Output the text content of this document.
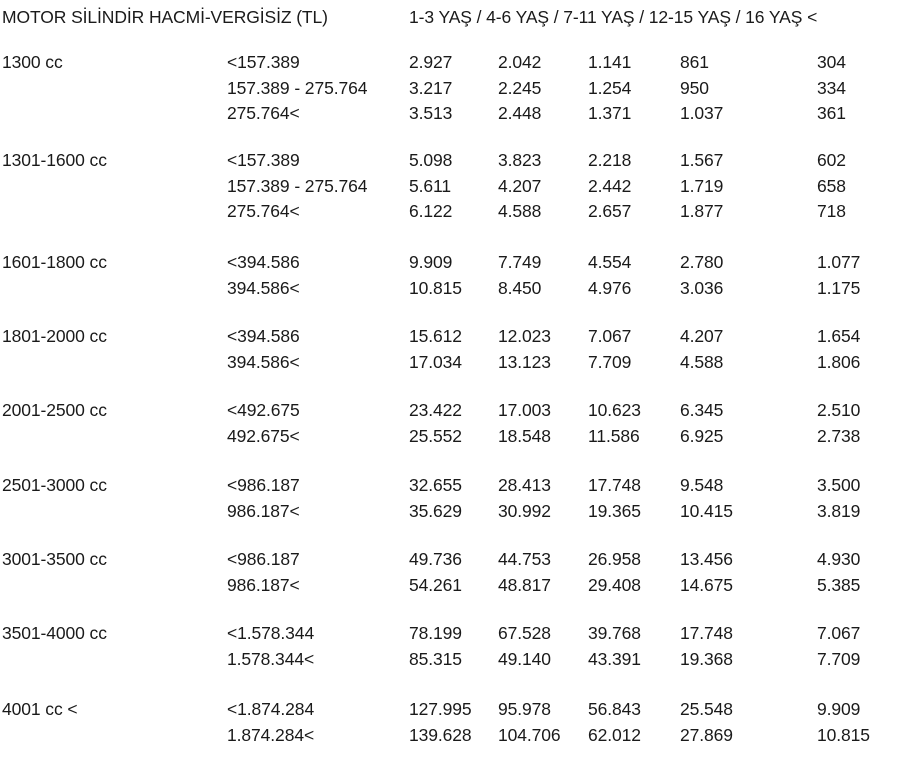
MOTOR SİLİNDİR HACMİ-VERGİSİZ (TL)	1-3 YAŞ / 4-6 YAŞ / 7-11 YAŞ / 12-15 YAŞ / 16 YAŞ <
1300 cc	<157.389	2.927	2.042	1.141	861	304
157.389 - 275.764 3.217	2.245	1.254	950	334
275.764<	3.513	2.448	1.371	1.037	361
1301-1600 cc	<157.389	5.098	3.823	2.218	1.567	602
157.389 - 275.764 5.611	4.207	2.442	1.719	658
275.764<	6.122	4.588	2.657	1.877	718
1601-1800 cc	<394.586	9.909	7.749	4.554	2.780	1.077
394.586<	10.815 8.450	4.976	3.036	1.175
1801-2000 cc	<394.586	15.612 12.023 7.067	4.207	1.654
394.586<	17.034 13.123 7.709	4.588	1.806
2001-2500 cc	<492.675	23.422 17.003 10.623 6.345	2.510
492.675<	25.552 18.548 11.586 6.925	2.738
2501-3000 cc	<986.187	32.655 28.413 17.748 9.548	3.500
986.187<	35.629 30.992 19.365 10.415	3.819
3001-3500 cc	<986.187	49.736 44.753 26.958 13.456	4.930
986.187<	54.261 48.817 29.408 14.675	5.385
3501-4000 cc	<1.578.344	78.199 67.528 39.768 17.748	7.067
1.578.344<	85.315 49.140 43.391 19.368	7.709
4001 cc <	<1.874.284	127.995 95.978 56.843 25.548	9.909
1.874.284<	139.628 104.706 62.012 27.869	10.815
